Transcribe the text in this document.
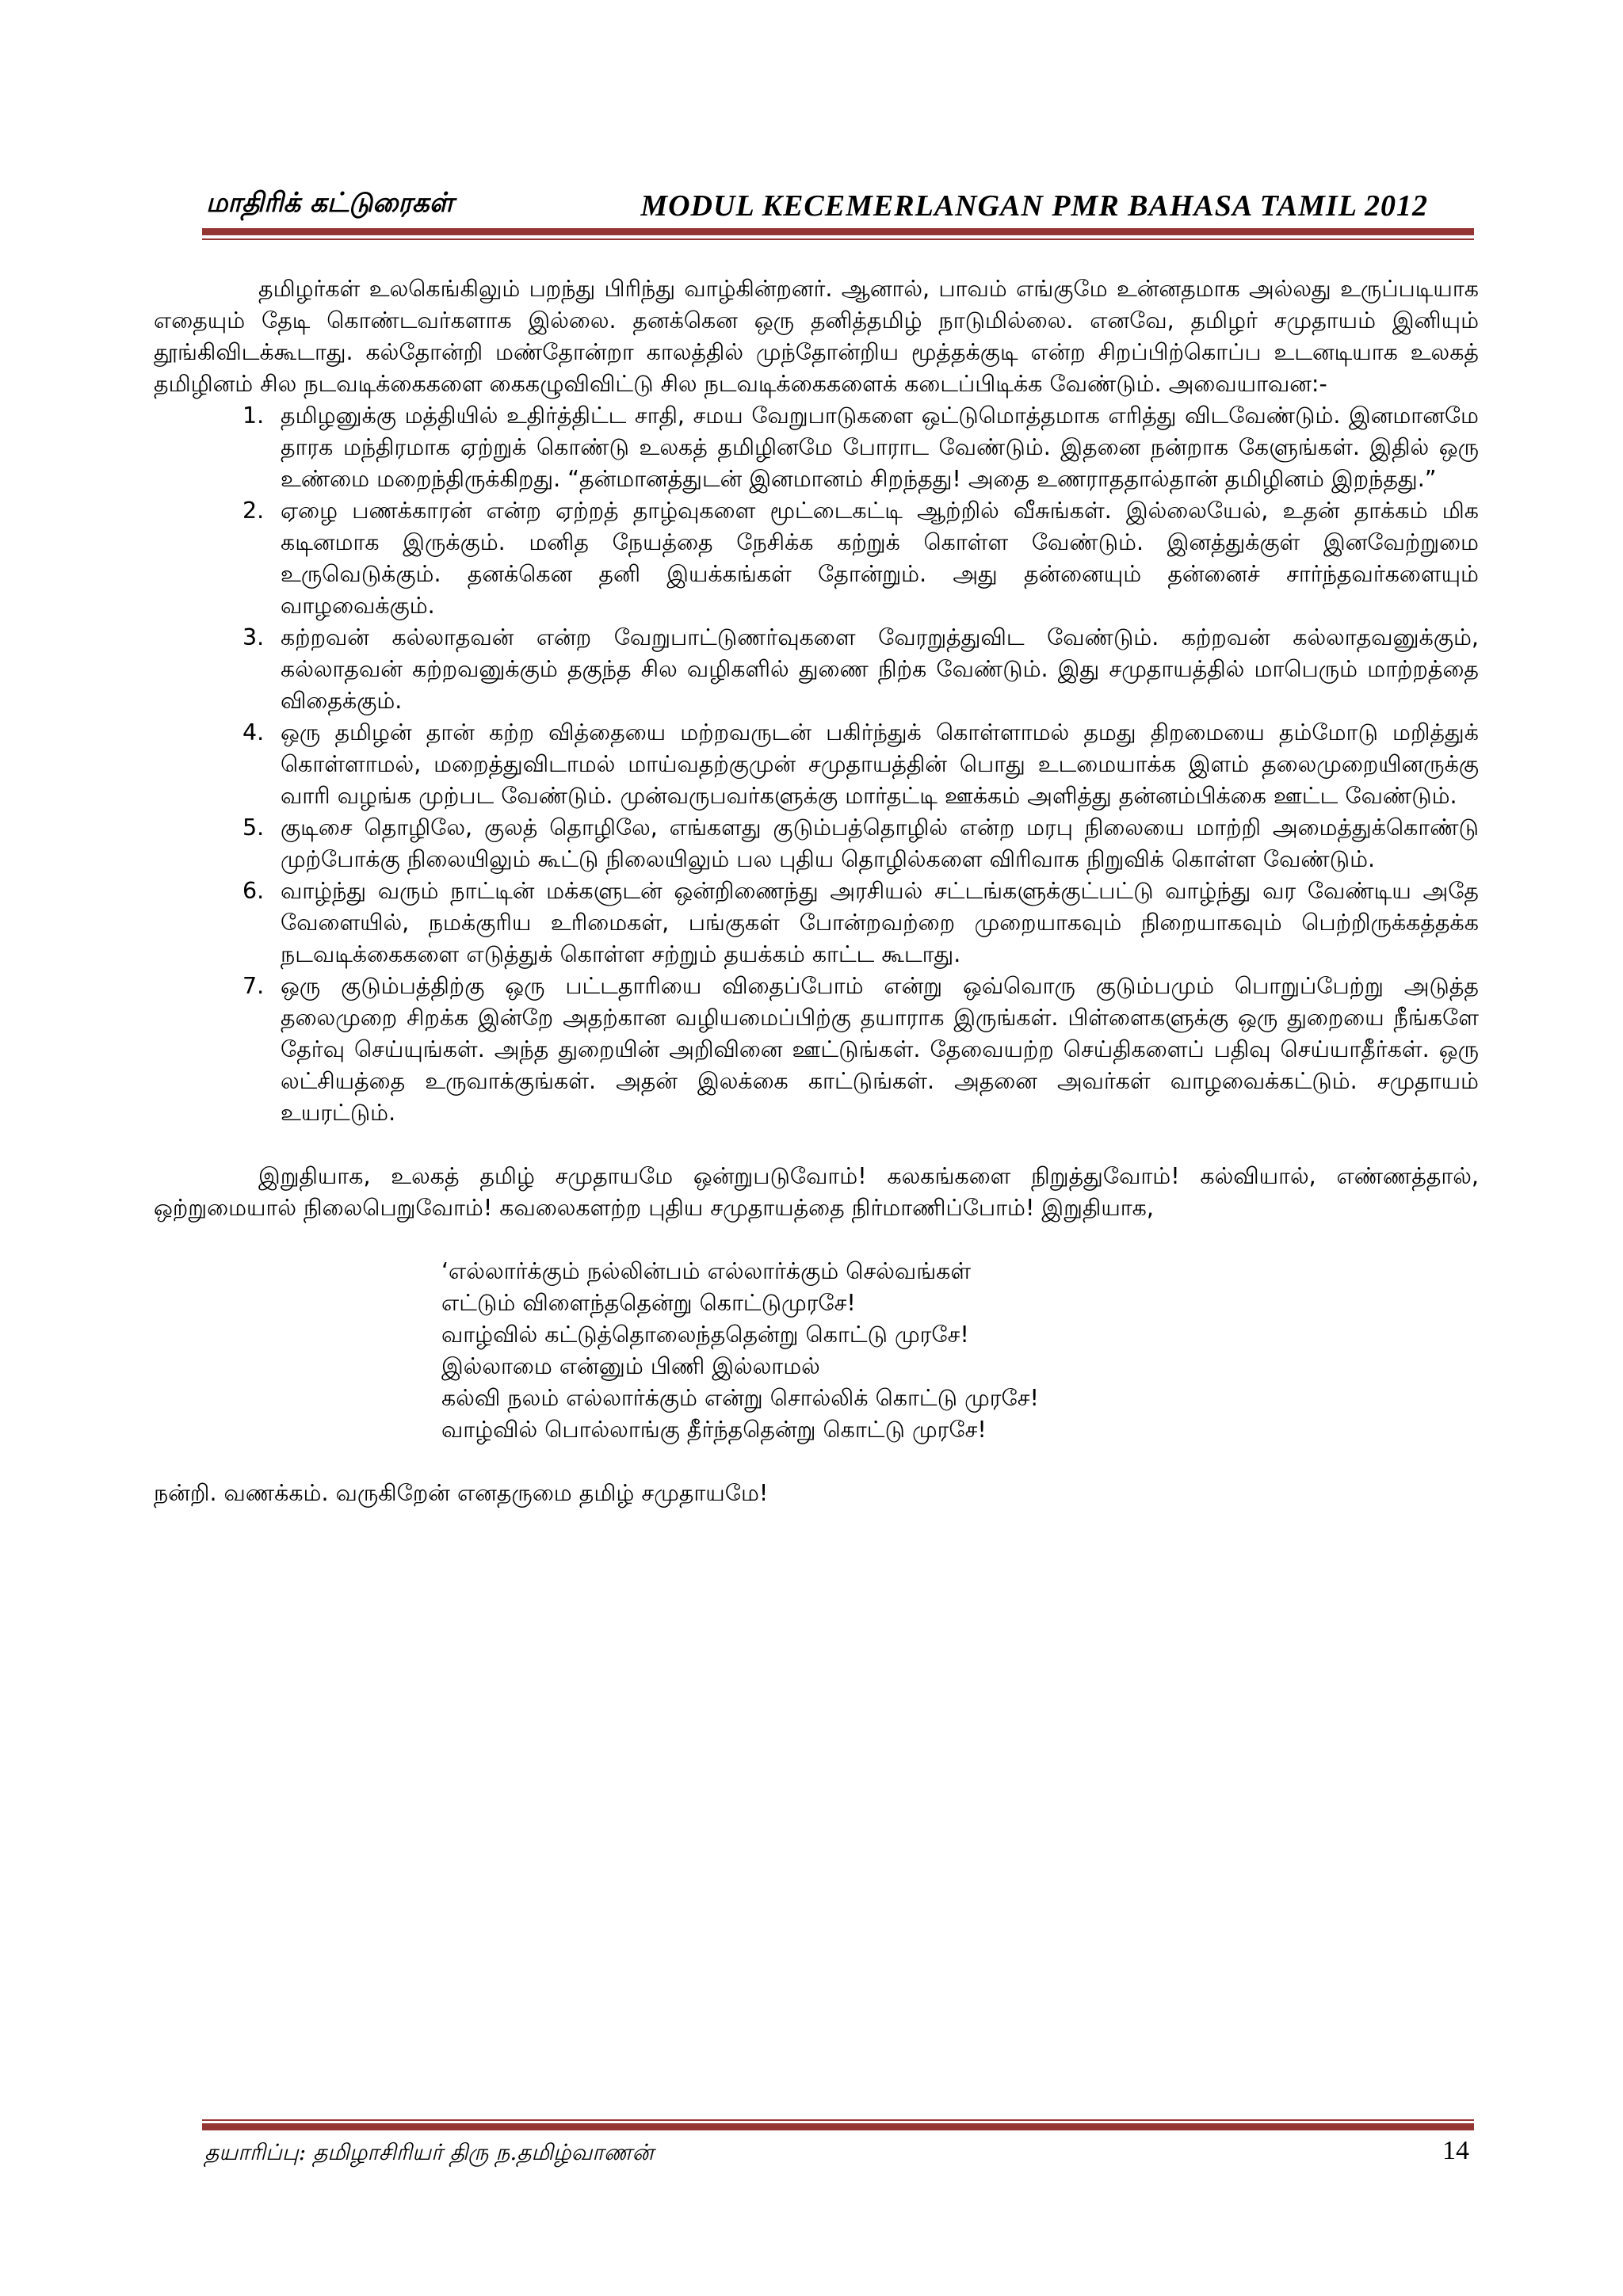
மாதிரிக் கட்டுரைகள்	MODUL KECEMERLANGAN PMR BAHASA TAMIL 2012

தமிழர்கள் உலகெங்கிலும் பறந்து பிரிந்து வாழ்கின்றனர். ஆனால், பாவம் எங்குமே உன்னதமாக அல்லது உருப்படியாக எதையும் தேடி கொண்டவர்களாக இல்லை. தனக்கென ஒரு தனித்தமிழ் நாடுமில்லை. எனவே, தமிழர் சமுதாயம் இனியும் தூங்கிவிடக்கூடாது. கல்தோன்றி மண்தோன்றா காலத்தில் முந்தோன்றிய மூத்தக்குடி என்ற சிறப்பிற்கொப்ப உடனடியாக உலகத் தமிழினம் சில நடவடிக்கைகளை கைகழுவிவிட்டு சில நடவடிக்கைகளைக் கடைப்பிடிக்க வேண்டும். அவையாவன:-

1. தமிழனுக்கு மத்தியில் உதிர்த்திட்ட சாதி, சமய வேறுபாடுகளை ஒட்டுமொத்தமாக எரித்து விடவேண்டும். இனமானமே தாரக மந்திரமாக ஏற்றுக் கொண்டு உலகத் தமிழினமே போராட வேண்டும். இதனை நன்றாக கேளுங்கள். இதில் ஒரு உண்மை மறைந்திருக்கிறது. “தன்மானத்துடன் இனமானம் சிறந்தது! அதை உணராததால்தான் தமிழினம் இறந்தது.”
2. ஏழை பணக்காரன் என்ற ஏற்றத் தாழ்வுகளை மூட்டைகட்டி ஆற்றில் வீசுங்கள். இல்லையேல், உதன் தாக்கம் மிக கடினமாக இருக்கும். மனித நேயத்தை நேசிக்க கற்றுக் கொள்ள வேண்டும். இனத்துக்குள் இனவேற்றுமை உருவெடுக்கும். தனக்கென தனி இயக்கங்கள் தோன்றும். அது தன்னையும் தன்னைச் சார்ந்தவர்களையும் வாழவைக்கும்.
3. கற்றவன் கல்லாதவன் என்ற வேறுபாட்டுணர்வுகளை வேரறுத்துவிட வேண்டும். கற்றவன் கல்லாதவனுக்கும், கல்லாதவன் கற்றவனுக்கும் தகுந்த சில வழிகளில் துணை நிற்க வேண்டும். இது சமுதாயத்தில் மாபெரும் மாற்றத்தை விதைக்கும்.
4. ஒரு தமிழன் தான் கற்ற வித்தையை மற்றவருடன் பகிர்ந்துக் கொள்ளாமல் தமது திறமையை தம்மோடு மறித்துக் கொள்ளாமல், மறைத்துவிடாமல் மாய்வதற்குமுன் சமுதாயத்தின் பொது உடமையாக்க இளம் தலைமுறையினருக்கு வாரி வழங்க முற்பட வேண்டும். முன்வருபவர்களுக்கு மார்தட்டி ஊக்கம் அளித்து தன்னம்பிக்கை ஊட்ட வேண்டும்.
5. குடிசை தொழிலே, குலத் தொழிலே, எங்களது குடும்பத்தொழில் என்ற மரபு நிலையை மாற்றி அமைத்துக்கொண்டு முற்போக்கு நிலையிலும் கூட்டு நிலையிலும் பல புதிய தொழில்களை விரிவாக நிறுவிக் கொள்ள வேண்டும்.
6. வாழ்ந்து வரும் நாட்டின் மக்களுடன் ஒன்றிணைந்து அரசியல் சட்டங்களுக்குட்பட்டு வாழ்ந்து வர வேண்டிய அதே வேளையில், நமக்குரிய உரிமைகள், பங்குகள் போன்றவற்றை முறையாகவும் நிறையாகவும் பெற்றிருக்கத்தக்க நடவடிக்கைகளை எடுத்துக் கொள்ள சற்றும் தயக்கம் காட்ட கூடாது.
7. ஒரு குடும்பத்திற்கு ஒரு பட்டதாரியை விதைப்போம் என்று ஒவ்வொரு குடும்பமும் பொறுப்பேற்று அடுத்த தலைமுறை சிறக்க இன்றே அதற்கான வழியமைப்பிற்கு தயாராக இருங்கள். பிள்ளைகளுக்கு ஒரு துறையை நீங்களே தேர்வு செய்யுங்கள். அந்த துறையின் அறிவினை ஊட்டுங்கள். தேவையற்ற செய்திகளைப் பதிவு செய்யாதீர்கள். ஒரு லட்சியத்தை உருவாக்குங்கள். அதன் இலக்கை காட்டுங்கள். அதனை அவர்கள் வாழவைக்கட்டும். சமுதாயம் உயரட்டும்.

இறுதியாக, உலகத் தமிழ் சமுதாயமே ஒன்றுபடுவோம்! கலகங்களை நிறுத்துவோம்! கல்வியால், எண்ணத்தால், ஒற்றுமையால் நிலைபெறுவோம்! கவலைகளற்ற புதிய சமுதாயத்தை நிர்மாணிப்போம்! இறுதியாக,

‘எல்லார்க்கும் நல்லின்பம் எல்லார்க்கும் செல்வங்கள்
எட்டும் விளைந்ததென்று கொட்டுமுரசே!
வாழ்வில் கட்டுத்தொலைந்ததென்று கொட்டு முரசே!
இல்லாமை என்னும் பிணி இல்லாமல்
கல்வி நலம் எல்லார்க்கும் என்று சொல்லிக் கொட்டு முரசே!
வாழ்வில் பொல்லாங்கு தீர்ந்ததென்று கொட்டு முரசே!

நன்றி. வணக்கம். வருகிறேன் எனதருமை தமிழ் சமுதாயமே!

தயாரிப்பு: தமிழாசிரியர் திரு ந.தமிழ்வாணன்	14
